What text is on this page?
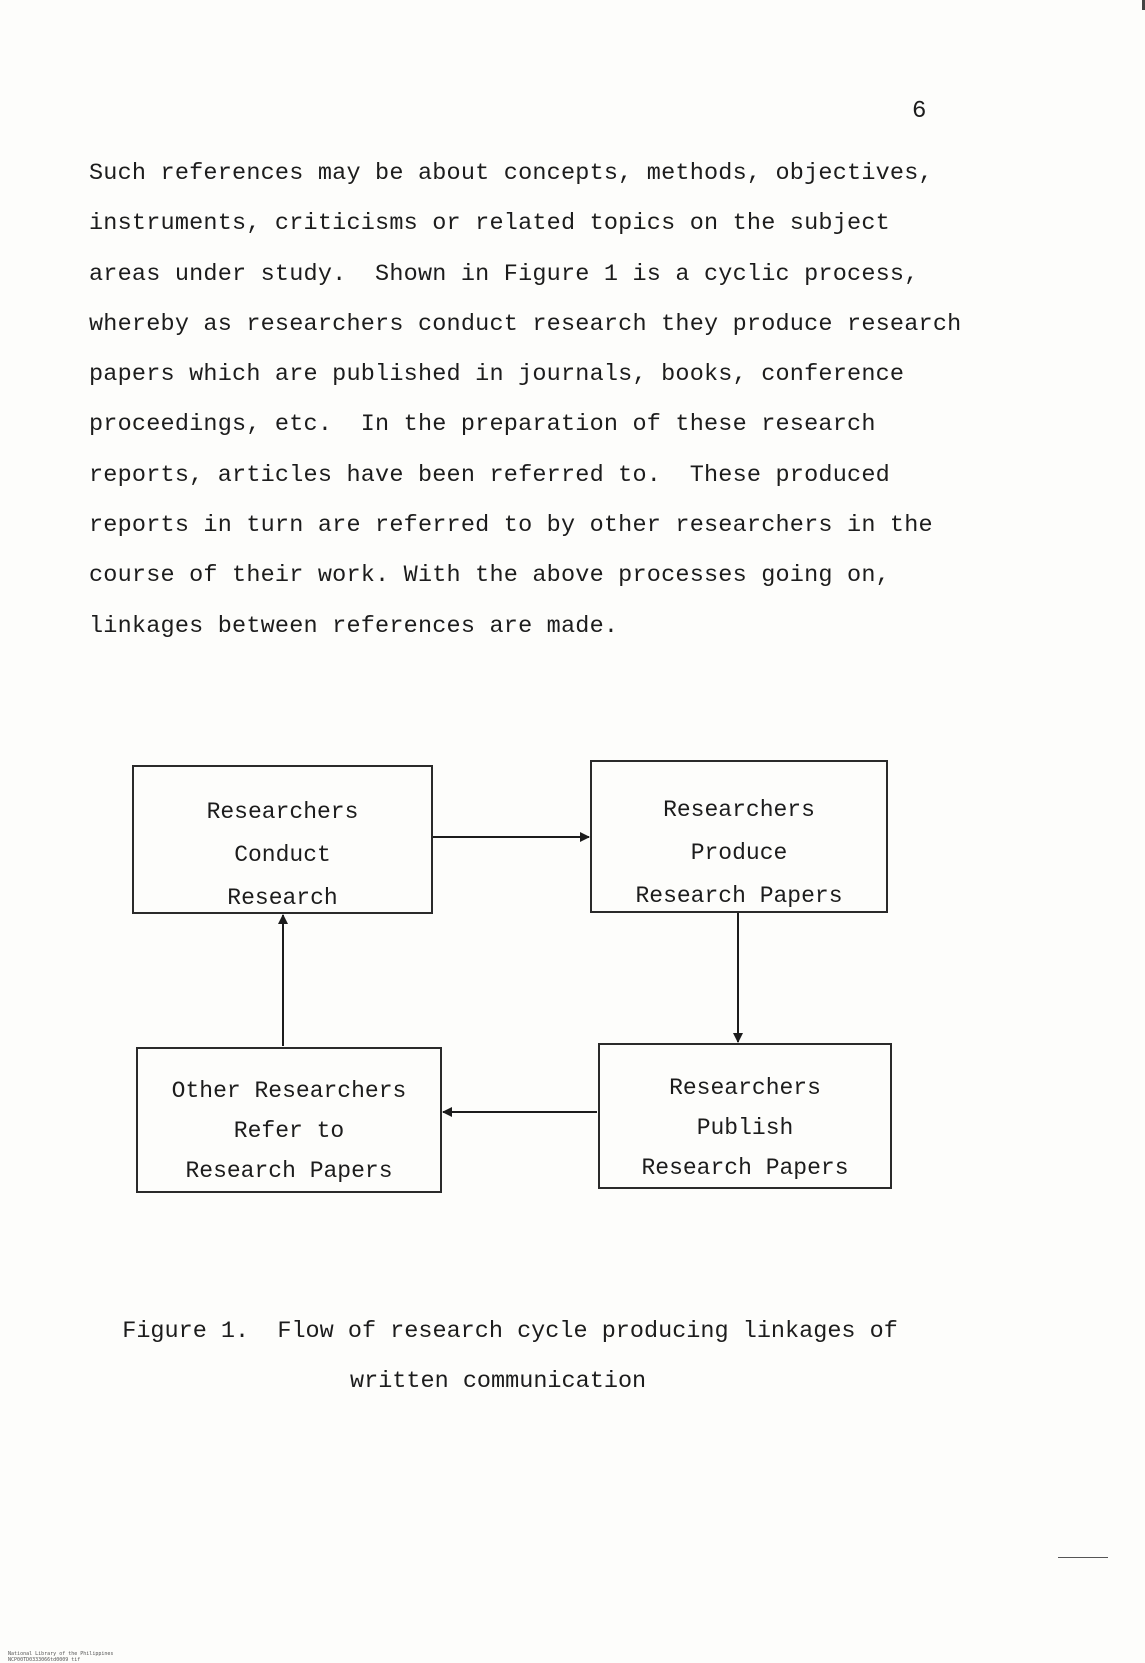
6
Such references may be about concepts, methods, objectives,
instruments, criticisms or related topics on the subject
areas under study.  Shown in Figure 1 is a cyclic process,
whereby as researchers conduct research they produce research
papers which are published in journals, books, conference
proceedings, etc.  In the preparation of these research
reports, articles have been referred to.  These produced
reports in turn are referred to by other researchers in the
course of their work. With the above processes going on,
linkages between references are made.
Researchers
Conduct
Research
Researchers
Produce
Research Papers
Researchers
Publish
Research Papers
Other Researchers
Refer to
Research Papers

Figure 1.  Flow of research cycle producing linkages of

written communication

National Library of the Philippines
NCP00TD0333066td0009 tif
